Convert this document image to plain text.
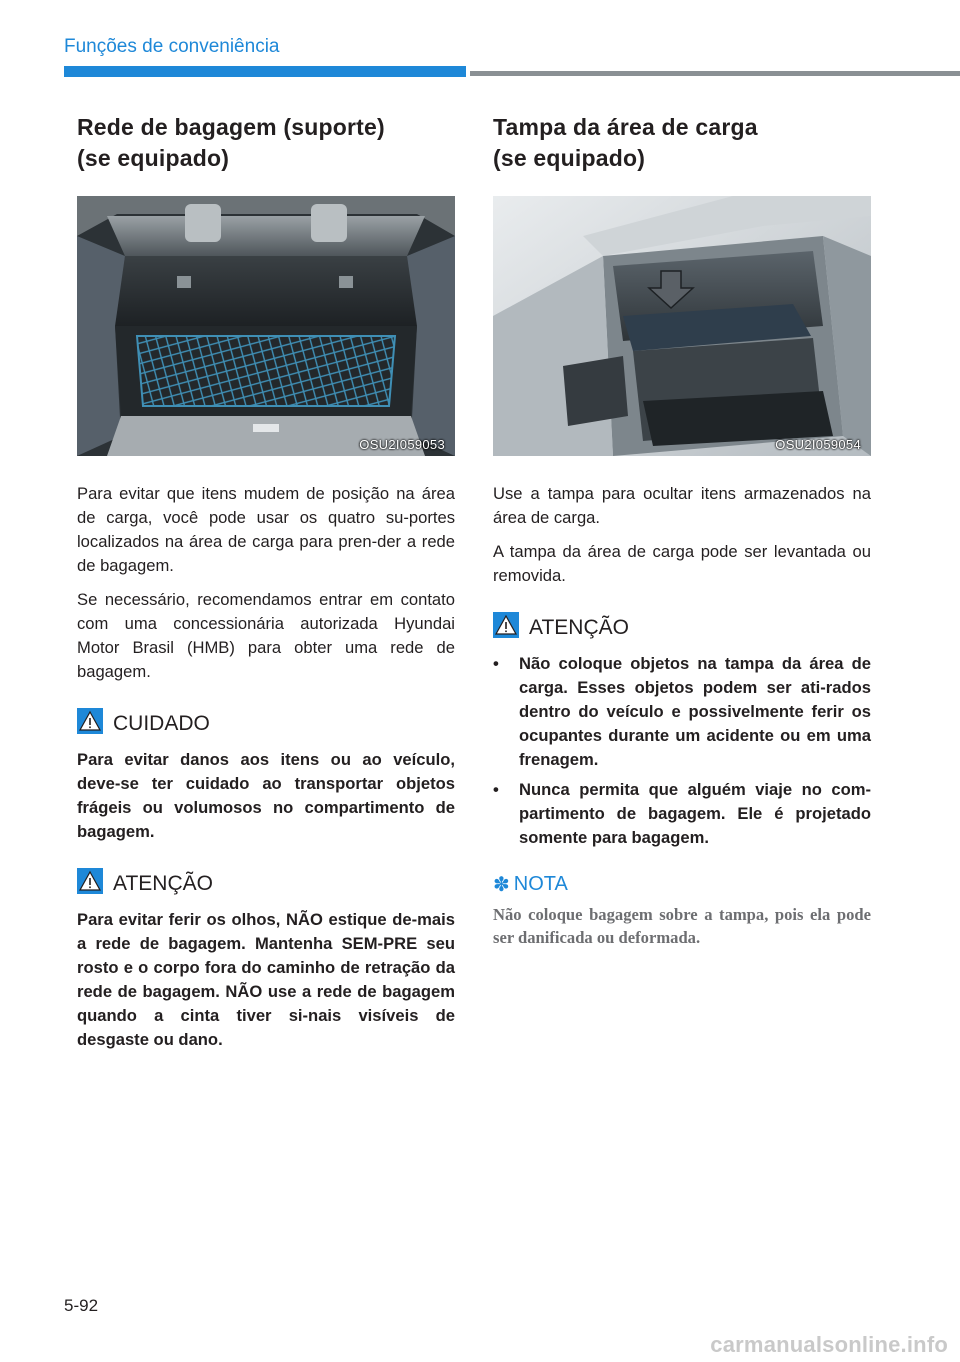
Funções de conveniência
Rede de bagagem (suporte)
(se equipado)
OSU2I059053

Para evitar que itens mudem de posição na área de carga, você pode usar os quatro su-portes localizados na área de carga para pren-der a rede de bagagem.

Se necessário, recomendamos entrar em contato com uma concessionária autorizada Hyundai Motor Brasil (HMB) para obter uma rede de bagagem.

CUIDADO

Para evitar danos aos itens ou ao veículo, deve-se ter cuidado ao transportar objetos frágeis ou volumosos no compartimento de bagagem.

ATENÇÃO

Para evitar ferir os olhos, NÃO estique de-mais a rede de bagagem. Mantenha SEM-PRE seu rosto e o corpo fora do caminho de retração da rede de bagagem. NÃO use a rede de bagagem quando a cinta tiver si-nais visíveis de desgaste ou dano.

Tampa da área de carga
(se equipado)
OSU2I059054

Use a tampa para ocultar itens armazenados na área de carga.

A tampa da área de carga pode ser levantada ou removida.

ATENÇÃO
• Não coloque objetos na tampa da área de carga. Esses objetos podem ser ati-rados dentro do veículo e possivelmente ferir os ocupantes durante um acidente ou em uma frenagem.
• Nunca permita que alguém viaje no com-partimento de bagagem. Ele é projetado somente para bagagem.
✽ NOTA

Não coloque bagagem sobre a tampa, pois ela pode ser danificada ou deformada.

5-92
carmanualsonline.info
